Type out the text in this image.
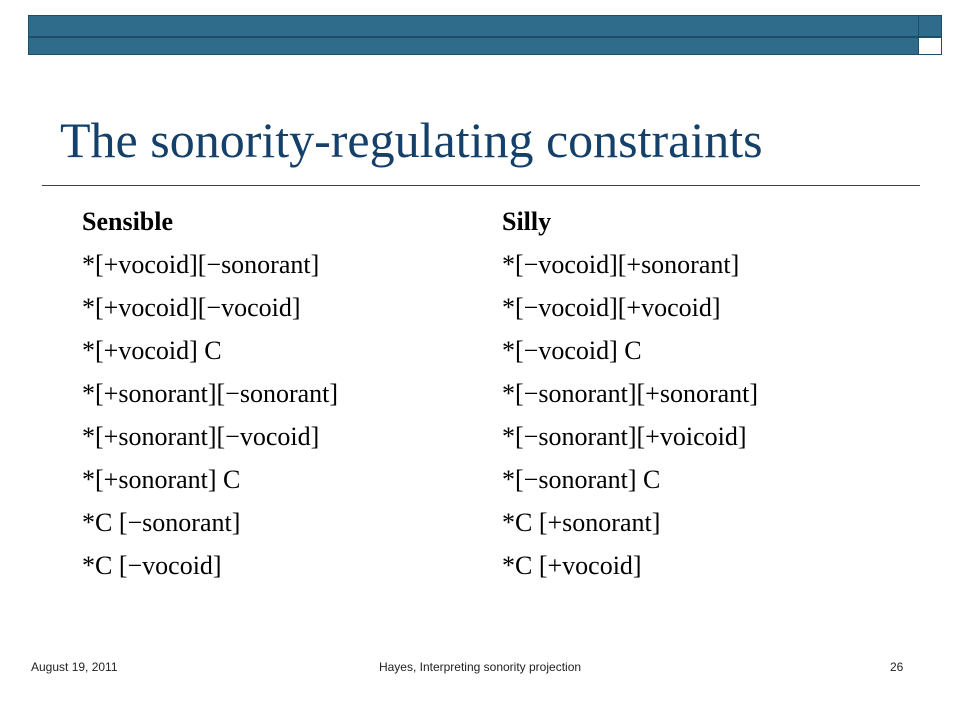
The sonority-regulating constraints
Sensible
*[+vocoid][−sonorant]
*[+vocoid][−vocoid]
*[+vocoid] C
*[+sonorant][−sonorant]
*[+sonorant][−vocoid]
*[+sonorant] C
*C [−sonorant]
*C [−vocoid]
Silly
*[−vocoid][+sonorant]
*[−vocoid][+vocoid]
*[−vocoid] C
*[−sonorant][+sonorant]
*[−sonorant][+voicoid]
*[−sonorant] C
*C [+sonorant]
*C [+vocoid]
August 19, 2011	Hayes, Interpreting sonority projection	26
